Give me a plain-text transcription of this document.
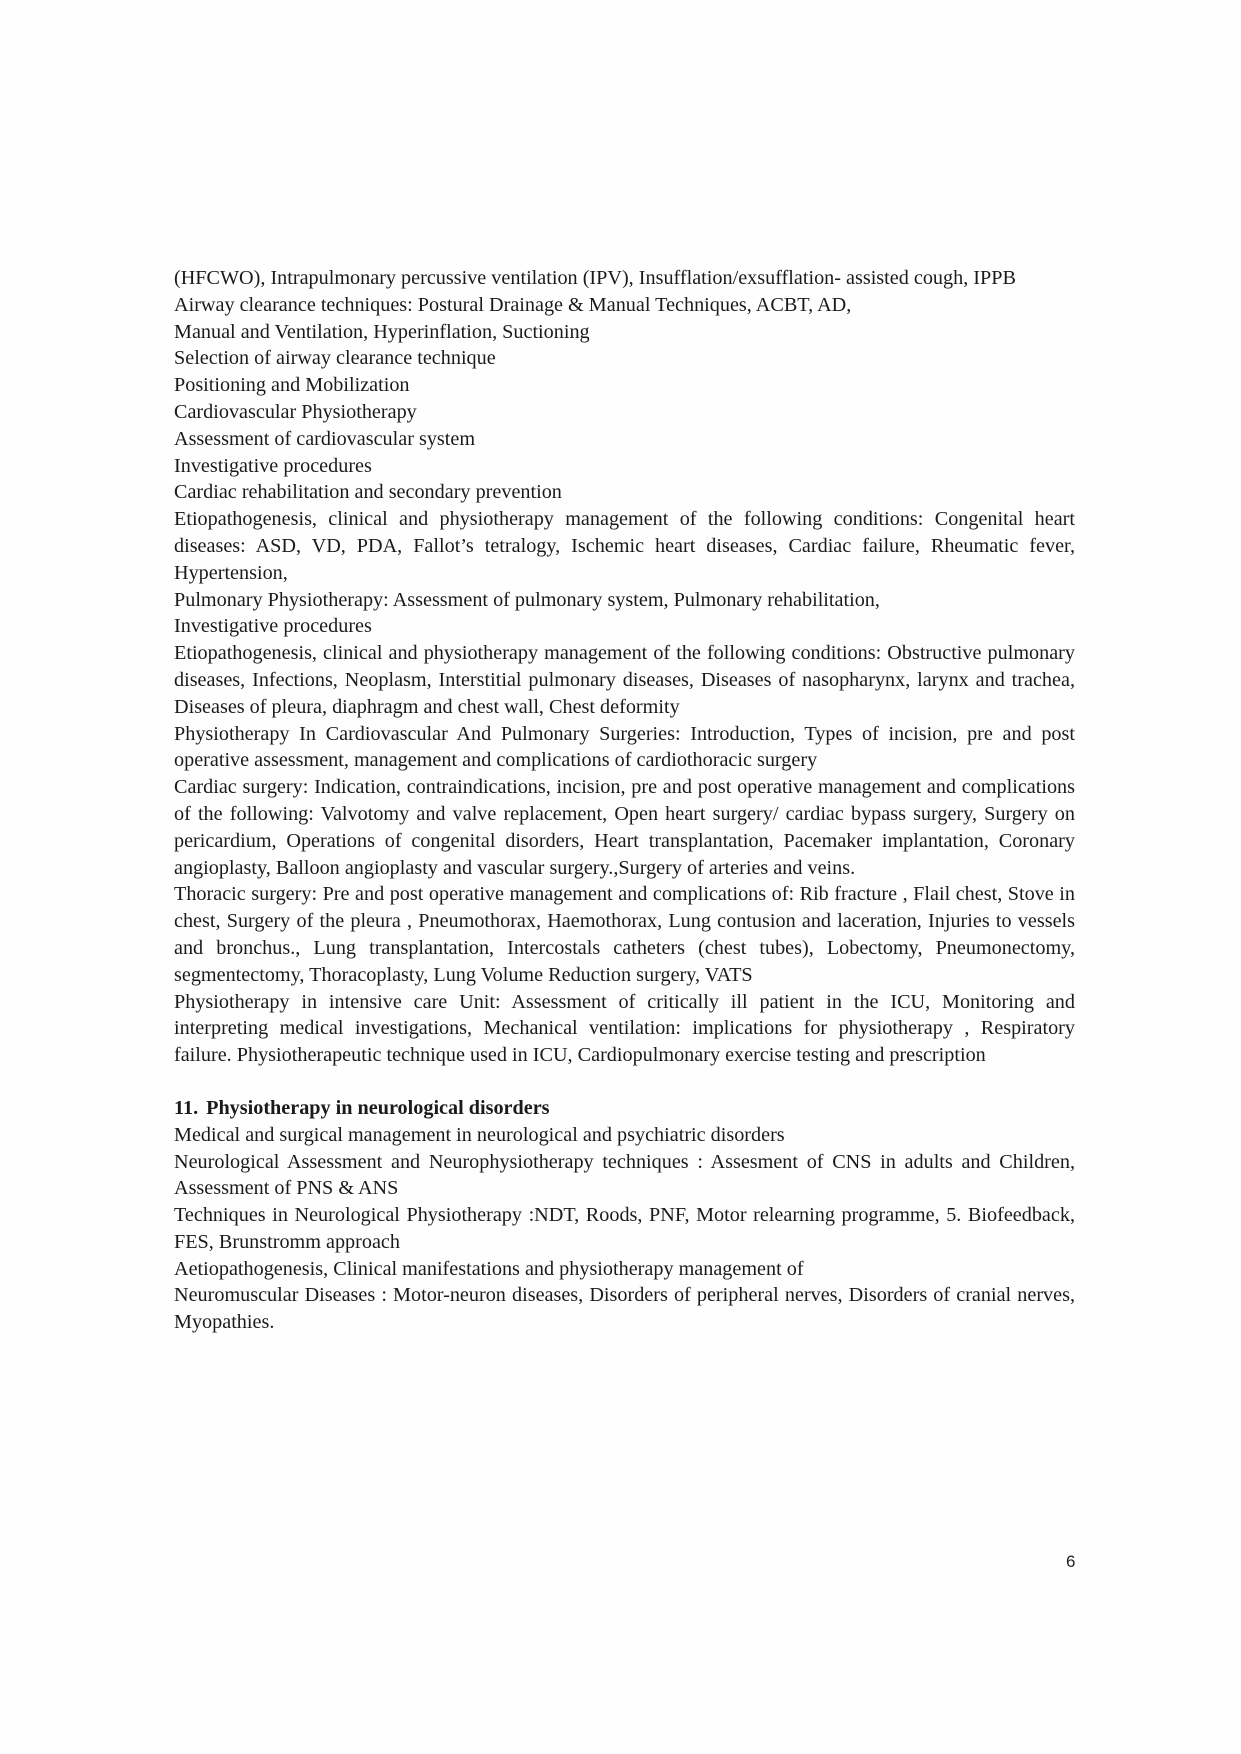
(HFCWO), Intrapulmonary percussive ventilation (IPV), Insufflation/exsufflation- assisted cough, IPPB

Airway clearance techniques: Postural Drainage & Manual Techniques, ACBT, AD,

Manual and Ventilation, Hyperinflation, Suctioning

Selection of airway clearance technique

Positioning and Mobilization

Cardiovascular Physiotherapy

Assessment of cardiovascular system

Investigative procedures

Cardiac rehabilitation and secondary prevention

Etiopathogenesis, clinical and physiotherapy management of the following conditions: Congenital heart diseases: ASD, VD, PDA, Fallot’s tetralogy, Ischemic heart diseases, Cardiac failure, Rheumatic fever, Hypertension,

Pulmonary Physiotherapy: Assessment of pulmonary system, Pulmonary rehabilitation,

Investigative procedures

Etiopathogenesis, clinical and physiotherapy management of the following conditions: Obstructive pulmonary diseases, Infections, Neoplasm, Interstitial pulmonary diseases, Diseases of nasopharynx, larynx and trachea, Diseases of pleura, diaphragm and chest wall, Chest deformity

Physiotherapy In Cardiovascular And Pulmonary Surgeries: Introduction, Types of incision, pre and post operative assessment, management and complications of cardiothoracic surgery

Cardiac surgery: Indication, contraindications, incision, pre and post operative management and complications of the following: Valvotomy and valve replacement, Open heart surgery/ cardiac bypass surgery, Surgery on pericardium, Operations of congenital disorders, Heart transplantation, Pacemaker implantation, Coronary angioplasty, Balloon angioplasty and vascular surgery.,Surgery of arteries and veins.

Thoracic surgery: Pre and post operative management and complications of: Rib fracture , Flail chest, Stove in chest, Surgery of the pleura , Pneumothorax, Haemothorax, Lung contusion and laceration, Injuries to vessels and bronchus., Lung transplantation, Intercostals catheters (chest tubes), Lobectomy, Pneumonectomy, segmentectomy, Thoracoplasty, Lung Volume Reduction surgery, VATS

Physiotherapy in intensive care Unit: Assessment of critically ill patient in the ICU, Monitoring and interpreting medical investigations, Mechanical ventilation: implications for physiotherapy , Respiratory failure. Physiotherapeutic technique used in ICU, Cardiopulmonary exercise testing and prescription

11. Physiotherapy in neurological disorders

Medical and surgical management in neurological and psychiatric disorders

Neurological Assessment and Neurophysiotherapy techniques : Assesment of CNS in adults and Children, Assessment of PNS & ANS

Techniques in Neurological Physiotherapy :NDT, Roods, PNF, Motor relearning programme, 5. Biofeedback, FES, Brunstromm approach

Aetiopathogenesis, Clinical manifestations and physiotherapy management of

Neuromuscular Diseases : Motor-neuron diseases, Disorders of peripheral nerves, Disorders of cranial nerves, Myopathies.

6
